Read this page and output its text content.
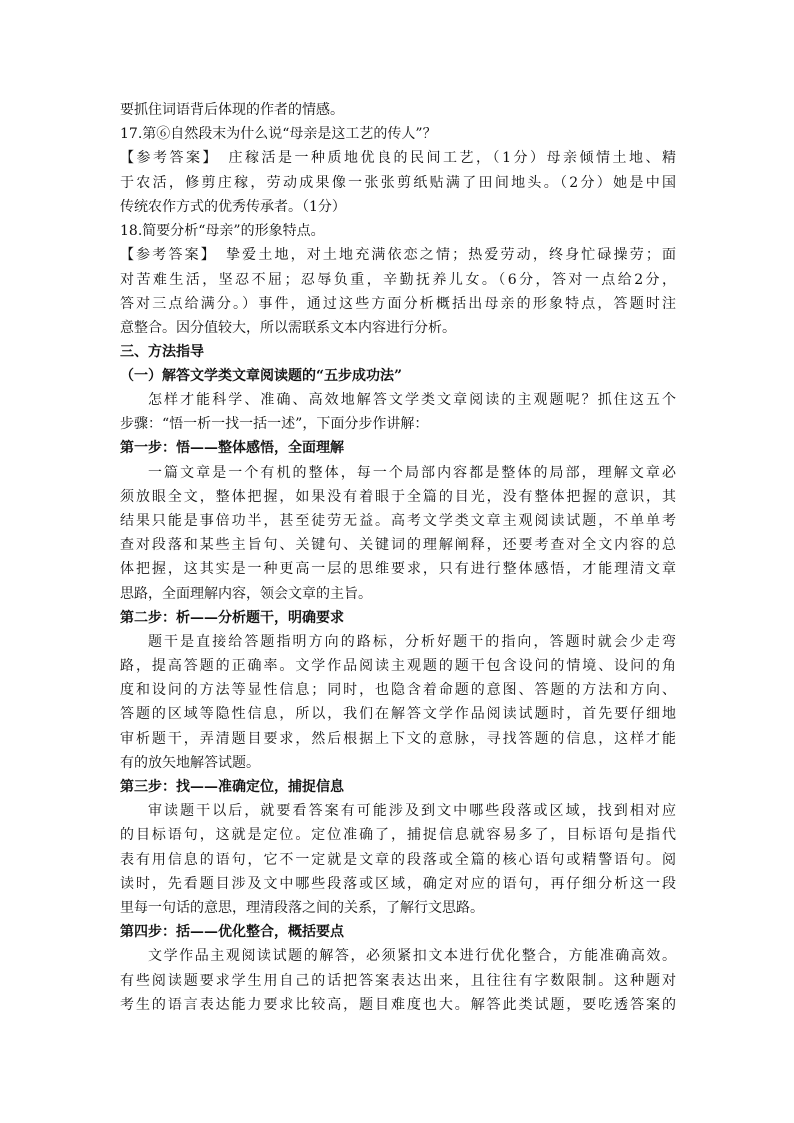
要抓住词语背后体现的作者的情感。
17.第⑥自然段末为什么说“母亲是这工艺的传人”？
【参考答案】　庄稼活是一种质地优良的民间工艺，（1分）母亲倾情土地、精
于农活，修剪庄稼，劳动成果像一张张剪纸贴满了田间地头。（2分）她是中国
传统农作方式的优秀传承者。（1分）
18.简要分析“母亲”的形象特点。
【参考答案】　挚爱土地，对土地充满依恋之情；热爱劳动，终身忙碌操劳；面
对苦难生活，坚忍不屈；忍辱负重，辛勤抚养儿女。（6分，答对一点给2分，
答对三点给满分。）事件，通过这些方面分析概括出母亲的形象特点，答题时注
意整合。因分值较大，所以需联系文本内容进行分析。
三、方法指导
（一）解答文学类文章阅读题的“五步成功法”
怎样才能科学、准确、高效地解答文学类文章阅读的主观题呢？抓住这五个
步骤：“悟一析一找一括一述”，下面分步作讲解：
第一步：悟——整体感悟，全面理解
一篇文章是一个有机的整体，每一个局部内容都是整体的局部，理解文章必
须放眼全文，整体把握，如果没有着眼于全篇的目光，没有整体把握的意识，其
结果只能是事倍功半，甚至徒劳无益。高考文学类文章主观阅读试题，不单单考
查对段落和某些主旨句、关键句、关键词的理解阐释，还要考查对全文内容的总
体把握，这其实是一种更高一层的思维要求，只有进行整体感悟，才能理清文章
思路，全面理解内容，领会文章的主旨。
第二步：析——分析题干，明确要求
题干是直接给答题指明方向的路标，分析好题干的指向，答题时就会少走弯
路，提高答题的正确率。文学作品阅读主观题的题干包含设问的情境、设问的角
度和设问的方法等显性信息；同时，也隐含着命题的意图、答题的方法和方向、
答题的区域等隐性信息，所以，我们在解答文学作品阅读试题时，首先要仔细地
审析题干，弄清题目要求，然后根据上下文的意脉，寻找答题的信息，这样才能
有的放矢地解答试题。
第三步：找——准确定位，捕捉信息
审读题干以后，就要看答案有可能涉及到文中哪些段落或区域，找到相对应
的目标语句，这就是定位。定位准确了，捕捉信息就容易多了，目标语句是指代
表有用信息的语句，它不一定就是文章的段落或全篇的核心语句或精警语句。阅
读时，先看题目涉及文中哪些段落或区域，确定对应的语句，再仔细分析这一段
里每一句话的意思，理清段落之间的关系，了解行文思路。
第四步：括——优化整合，概括要点
文学作品主观阅读试题的解答，必须紧扣文本进行优化整合，方能准确高效。
有些阅读题要求学生用自己的话把答案表达出来，且往往有字数限制。这种题对
考生的语言表达能力要求比较高，题目难度也大。解答此类试题，要吃透答案的
